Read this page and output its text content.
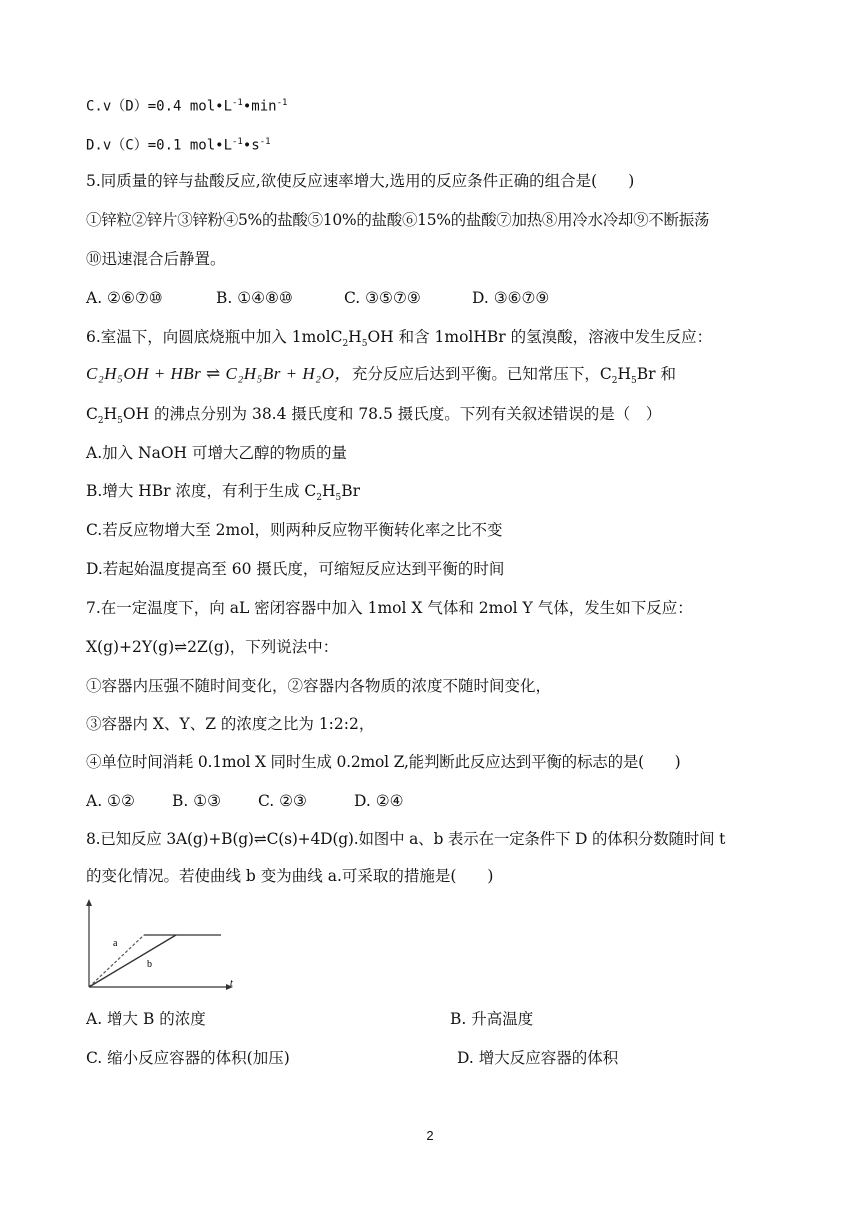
C.v（D）=0.4 $mol•L^{-1}•\min^{-1}$
D.v（C）=0.1 $mol•L^{-1}•s^{-1}$
5.同质量的锌与盐酸反应,欲使反应速率增大,选用的反应条件正确的组合是(　　)
①锌粒②锌片③锌粉④5%的盐酸⑤10%的盐酸⑥15%的盐酸⑦加热⑧用冷水冷却⑨不断振荡
⑩迅速混合后静置。
A. ②⑥⑦⑩	B. ①④⑧⑩	C. ③⑤⑦⑨	D. ③⑥⑦⑨
6.室温下，向圆底烧瓶中加入 $1molC_2H_5OH$ 和含 1molHBr 的氢溴酸，溶液中发生反应：
C₂H₅OH + HBr ⇌ C₂H₅Br + H₂O，充分反应后达到平衡。已知常压下，$C_2H_5Br$ 和
$C_2H_5OH$ 的沸点分别为 38.4 摄氏度和 78.5 摄氏度。下列有关叙述错误的是（　）
A.加入 NaOH 可增大乙醇的物质的量
B.增大 HBr 浓度，有利于生成 $C_2H_5Br$
C.若反应物增大至 2mol，则两种反应物平衡转化率之比不变
D.若起始温度提高至 60 摄氏度，可缩短反应达到平衡的时间
7.在一定温度下，向 aL 密闭容器中加入 1mol X 气体和 2mol Y 气体，发生如下反应：
X(g)+2Y(g)⇌2Z(g)，下列说法中：
①容器内压强不随时间变化，②容器内各物质的浓度不随时间变化，
③容器内 X、Y、Z 的浓度之比为 1:2:2，
④单位时间消耗 0.1mol X 同时生成 0.2mol Z,能判断此反应达到平衡的标志的是(　　)
A. ①② B. ①③ C. ②③	D. ②④
8.已知反应 3A(g)+B(g)⇌C(s)+4D(g).如图中 a、b 表示在一定条件下 D 的体积分数随时间 t
的变化情况。若使曲线 b 变为曲线 a.可采取的措施是(　　)
a
b
t
A. 增大 B 的浓度	B. 升高温度
C. 缩小反应容器的体积(加压)	D. 增大反应容器的体积
2
